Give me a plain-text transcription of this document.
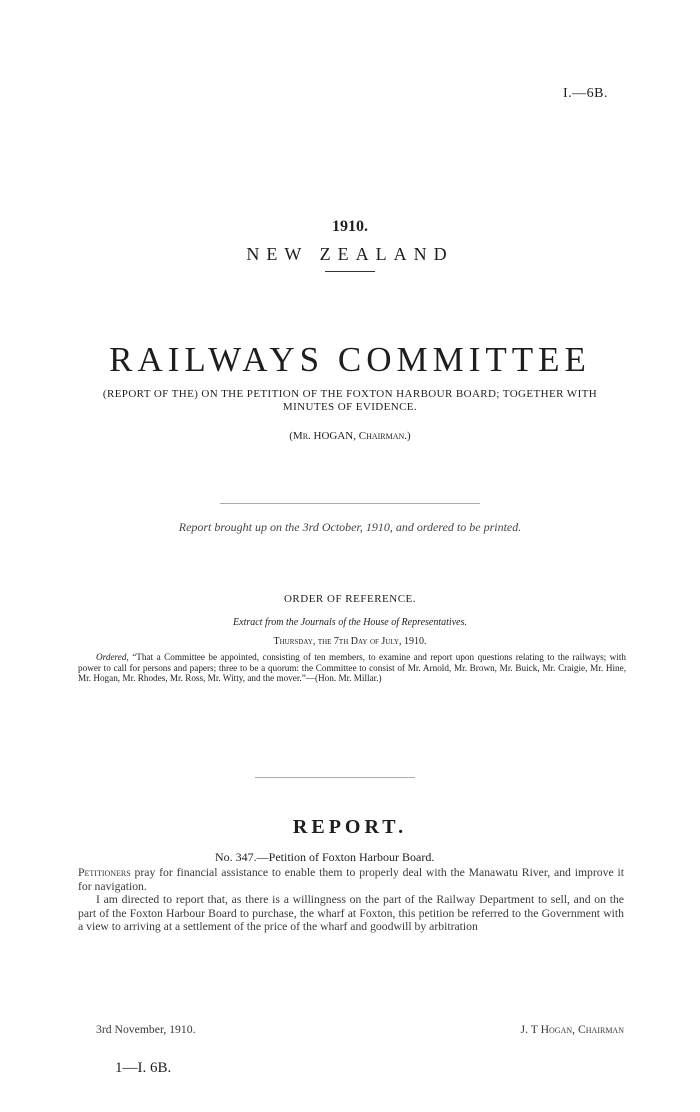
I.—6B.
1910.
NEW ZEALAND
RAILWAYS COMMITTEE
(REPORT OF THE) ON THE PETITION OF THE FOXTON HARBOUR BOARD; TOGETHER WITH MINUTES OF EVIDENCE.
(Mr. HOGAN, Chairman.)
Report brought up on the 3rd October, 1910, and ordered to be printed.
ORDER OF REFERENCE.
Extract from the Journals of the House of Representatives.
Thursday, the 7th Day of July, 1910.
Ordered, “That a Committee be appointed, consisting of ten members, to examine and report upon questions relating to the railways; with power to call for persons and papers; three to be a quorum: the Committee to consist of Mr. Arnold, Mr. Brown, Mr. Buick, Mr. Craigie, Mr. Hine, Mr. Hogan, Mr. Rhodes, Mr. Ross, Mr. Witty, and the mover.”—(Hon. Mr. Millar.)
REPORT.
No. 347.—Petition of Foxton Harbour Board.

Petitioners pray for financial assistance to enable them to properly deal with the Manawatu River, and improve it for navigation.

I am directed to report that, as there is a willingness on the part of the Railway Department to sell, and on the part of the Foxton Harbour Board to purchase, the wharf at Foxton, this petition be referred to the Government with a view to arriving at a settlement of the price of the wharf and goodwill by arbitration

3rd November, 1910.	J. T Hogan, Chairman
1—I. 6B.
